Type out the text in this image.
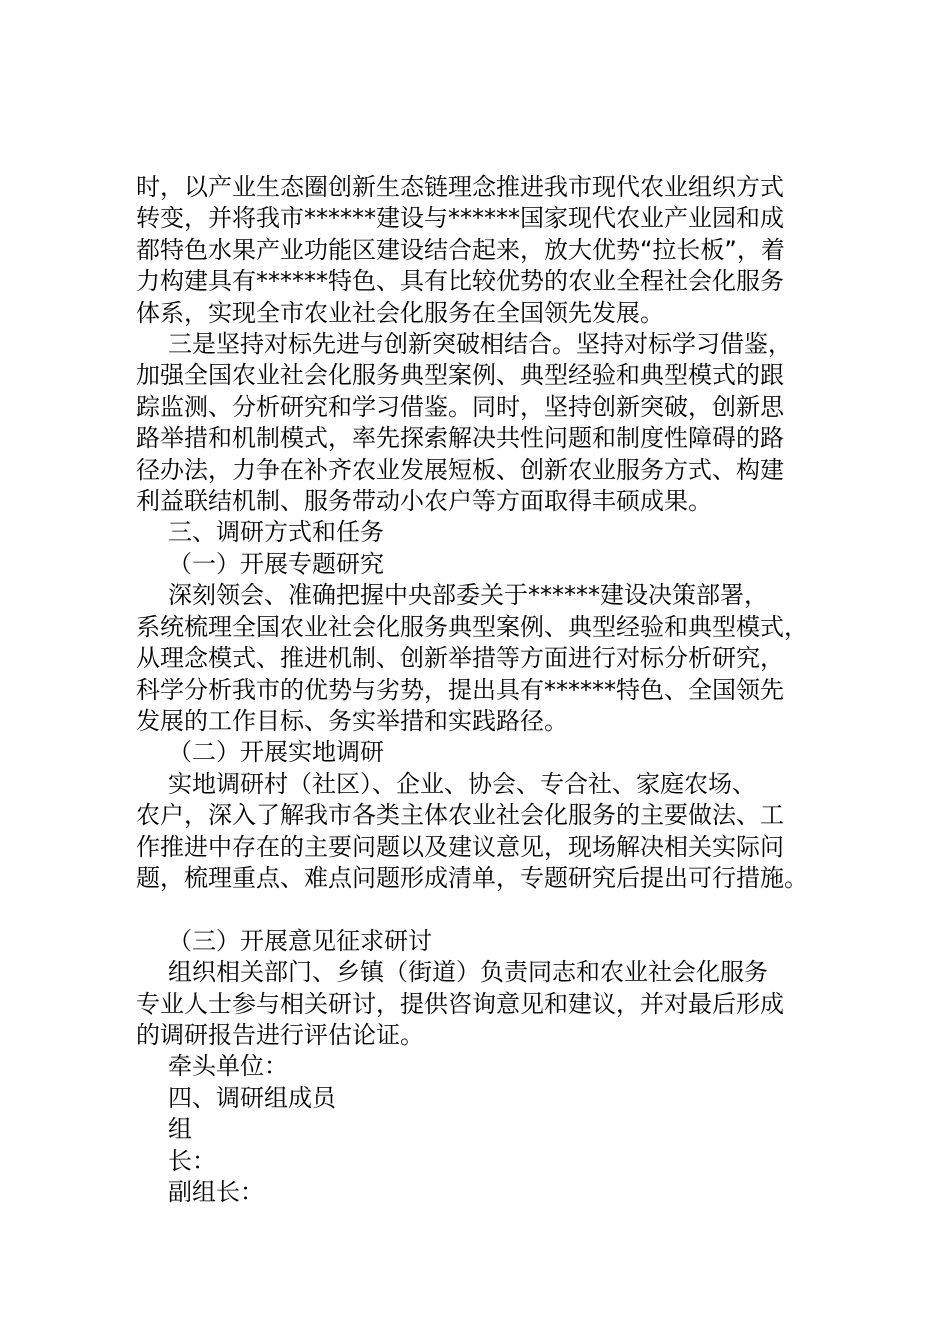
时，以产业生态圈创新生态链理念推进我市现代农业组织方式
转变，并将我市******建设与******国家现代农业产业园和成
都特色水果产业功能区建设结合起来，放大优势“拉长板”，着
力构建具有******特色、具有比较优势的农业全程社会化服务
体系，实现全市农业社会化服务在全国领先发展。
三是坚持对标先进与创新突破相结合。坚持对标学习借鉴，
加强全国农业社会化服务典型案例、典型经验和典型模式的跟
踪监测、分析研究和学习借鉴。同时，坚持创新突破，创新思
路举措和机制模式，率先探索解决共性问题和制度性障碍的路
径办法，力争在补齐农业发展短板、创新农业服务方式、构建
利益联结机制、服务带动小农户等方面取得丰硕成果。
三、调研方式和任务
（一）开展专题研究
深刻领会、准确把握中央部委关于******建设决策部署，
系统梳理全国农业社会化服务典型案例、典型经验和典型模式，
从理念模式、推进机制、创新举措等方面进行对标分析研究，
科学分析我市的优势与劣势，提出具有******特色、全国领先
发展的工作目标、务实举措和实践路径。
（二）开展实地调研
实地调研村（社区）、企业、协会、专合社、家庭农场、
农户，深入了解我市各类主体农业社会化服务的主要做法、工
作推进中存在的主要问题以及建议意见，现场解决相关实际问
题，梳理重点、难点问题形成清单，专题研究后提出可行措施。
（三）开展意见征求研讨
组织相关部门、乡镇（街道）负责同志和农业社会化服务
专业人士参与相关研讨，提供咨询意见和建议，并对最后形成
的调研报告进行评估论证。
牵头单位：
四、调研组成员
组
长：
副组长：
